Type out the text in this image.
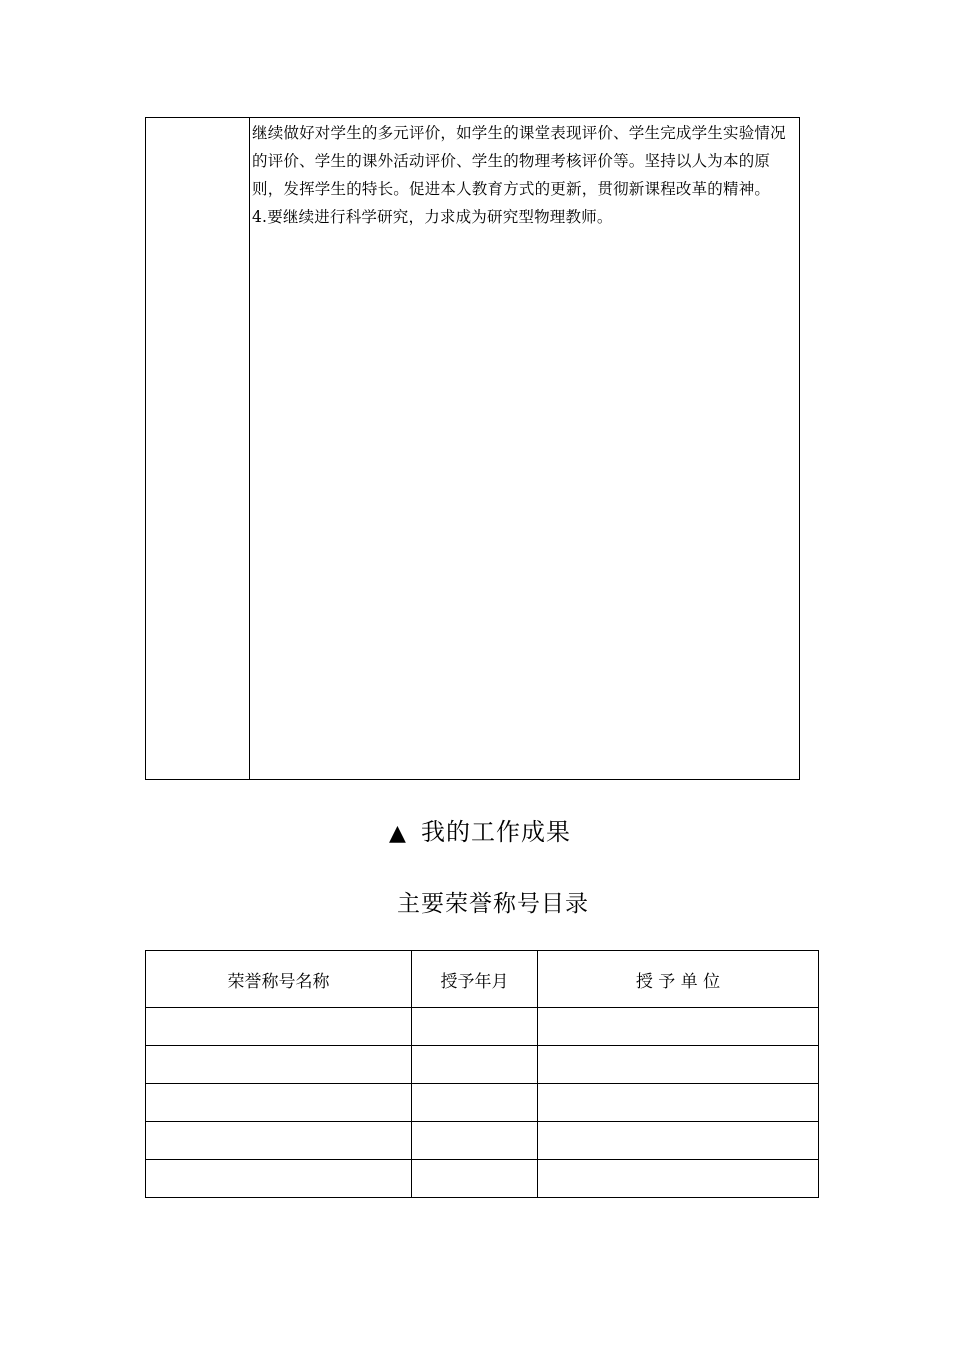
继续做好对学生的多元评价，如学生的课堂表现评价、学生完成学生实验情况的评价、学生的课外活动评价、学生的物理考核评价等。坚持以人为本的原则，发挥学生的特长。促进本人教育方式的更新，贯彻新课程改革的精神。

4.要继续进行科学研究，力求成为研究型物理教师。

▲ 我的工作成果
主要荣誉称号目录
荣誉称号名称	授予年月	授 予 单 位
